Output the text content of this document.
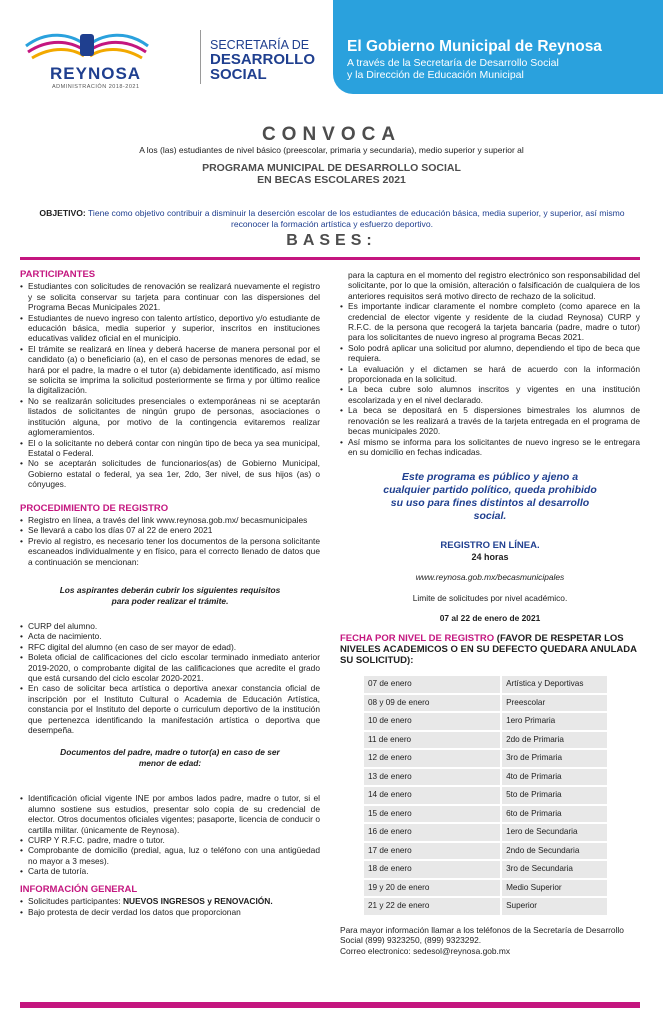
REYNOSA
ADMINISTRACIÓN 2018-2021
SECRETARÍA DE
DESARROLLO
SOCIAL
El Gobierno Municipal de Reynosa
A través de la Secretaría de Desarrollo Social
y la Dirección de Educación Municipal
CONVOCA
A los (las) estudiantes de nivel básico (preescolar, primaria y secundaria), medio superior y superior al
PROGRAMA MUNICIPAL DE DESARROLLO SOCIAL
EN BECAS ESCOLARES 2021
OBJETIVO: Tiene como objetivo contribuir a disminuir la deserción escolar de los estudiantes de educación básica, media superior, y superior, así mismo reconocer la formación artística y esfuerzo deportivo.
BASES:
PARTICIPANTES
• Estudiantes con solicitudes de renovación se realizará nuevamente el registro y se solicita conservar su tarjeta para continuar con las dispersiones del Programa Becas Municipales 2021.
• Estudiantes de nuevo ingreso con talento artístico, deportivo y/o estudiante de educación básica, media superior y superior, inscritos en instituciones educativas validez oficial en el municipio.
• El trámite se realizará en línea y deberá hacerse de manera personal por el candidato (a) o beneficiario (a), en el caso de personas menores de edad, se hará por el padre, la madre o el tutor (a) debidamente identificado, así mismo se solicita se imprima la solicitud posteriormente se firma y por último realice la digitalización.
• No se realizarán solicitudes presenciales o extemporáneas ni se aceptarán listados de solicitantes de ningún grupo de personas, asociaciones o institución alguna, por motivo de la contingencia evitaremos realizar aglomeramientos.
• El o la solicitante no deberá contar con ningún tipo de beca ya sea municipal, Estatal o Federal.
• No se aceptarán solicitudes de funcionarios(as) de Gobierno Municipal, Gobierno estatal o federal, ya sea 1er, 2do, 3er nivel, de sus hijos (as) o cónyuges.
PROCEDIMIENTO DE REGISTRO
• Registro en línea, a través del link www.reynosa.gob.mx/ becasmunicipales
• Se llevará a cabo los días 07 al 22 de enero 2021
• Previo al registro, es necesario tener los documentos de la persona solicitante escaneados individualmente y en físico, para el correcto llenado de datos que a continuación se mencionan:
Los aspirantes deberán cubrir los siguientes requisitos para poder realizar el trámite.
• CURP del alumno.
• Acta de nacimiento.
• RFC digital del alumno (en caso de ser mayor de edad).
• Boleta oficial de calificaciones del ciclo escolar terminado inmediato anterior 2019-2020, o comprobante digital de las calificaciones que acredite el grado que está cursando del ciclo escolar 2020-2021.
• En caso de solicitar beca artística o deportiva anexar constancia oficial de inscripción por el Instituto Cultural o Academia de Educación Artística, constancia por el Instituto del deporte o curriculum deportivo de la institución que pertenezca identificando la manifestación artística o deportiva que desempeña.
Documentos del padre, madre o tutor(a) en caso de ser menor de edad:
• Identificación oficial vigente INE por ambos lados padre, madre o tutor, si el alumno sostiene sus estudios, presentar solo copia de su credencial de elector. Otros documentos oficiales vigentes; pasaporte, licencia de conducir o cartilla militar. (únicamente de Reynosa).
• CURP Y R.F.C. padre, madre o tutor.
• Comprobante de domicilio (predial, agua, luz o teléfono con una antigüedad no mayor a 3 meses).
• Carta de tutoría.
INFORMACIÓN GENERAL
• Solicitudes participantes: NUEVOS INGRESOS y RENOVACIÓN.
• Bajo protesta de decir verdad los datos que proporcionan
para la captura en el momento del registro electrónico son responsabilidad del solicitante, por lo que la omisión, alteración o falsificación de cualquiera de los anteriores requisitos será motivo directo de rechazo de la solicitud.
• Es importante indicar claramente el nombre completo (como aparece en la credencial de elector vigente y residente de la ciudad Reynosa) CURP y R.F.C. de la persona que recogerá la tarjeta bancaria (padre, madre o tutor) para los solicitantes de nuevo ingreso al programa Becas 2021.
• Solo podrá aplicar una solicitud por alumno, dependiendo el tipo de beca que requiera.
• La evaluación y el dictamen se hará de acuerdo con la información proporcionada en la solicitud.
• La beca cubre solo alumnos inscritos y vigentes en una institución escolarizada y en el nivel declarado.
• La beca se depositará en 5 dispersiones bimestrales los alumnos de renovación se les realizará a través de la tarjeta entregada en el programa de becas municipales 2020.
• Así mismo se informa para los solicitantes de nuevo ingreso se le entregara en su domicilio en fechas indicadas.
Este programa es público y ajeno a cualquier partido político, queda prohibido su uso para fines distintos al desarrollo social.
REGISTRO EN LÍNEA.
24 horas
www.reynosa.gob.mx/becasmunicipales
Limite de solicitudes por nivel académico.
07 al 22 de enero de 2021
FECHA POR NIVEL DE REGISTRO (FAVOR DE RESPETAR LOS NIVELES ACADEMICOS O EN SU DEFECTO QUEDARA ANULADA SU SOLICITUD):
07 de enero	Artística y Deportivas
08 y 09 de enero	Preescolar
10 de enero	1ero Primaria
11 de enero	2do de Primaria
12 de enero	3ro de Primaria
13 de enero	4to de Primaria
14 de enero	5to de Primaria
15 de enero	6to de Primaria
16 de enero	1ero de Secundaria
17 de enero	2ndo de Secundaria
18 de enero	3ro de Secundaria
19 y 20 de enero	Medio Superior
21 y 22 de enero	Superior
Para mayor información llamar a los teléfonos de la Secretaría de Desarrollo Social (899) 9323250, (899) 9323292.
Correo electronico: sedesol@reynosa.gob.mx
